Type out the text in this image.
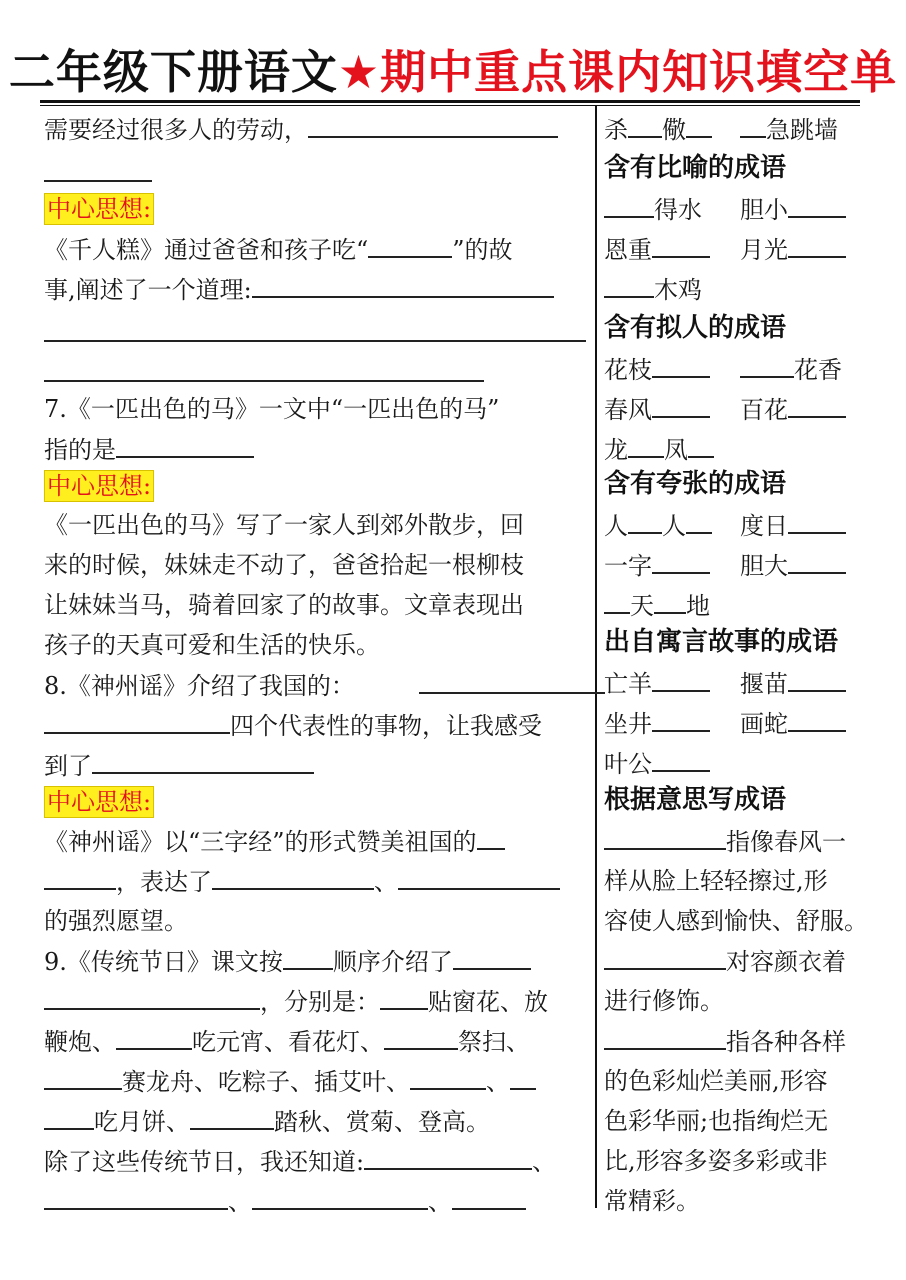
二年级下册语文★期中重点课内知识填空单
需要经过很多人的劳动，
中心思想:
《千人糕》通过爸爸和孩子吃“	”的故
事,阐述了一个道理:
7.《一匹出色的马》一文中“一匹出色的马”
指的是
中心思想:
《一匹出色的马》写了一家人到郊外散步，回
来的时候，妹妹走不动了，爸爸拾起一根柳枝
让妹妹当马，骑着回家了的故事。文章表现出
孩子的天真可爱和生活的快乐。
8.《神州谣》介绍了我国的：
四个代表性的事物，让我感受
到了
中心思想:
《神州谣》以“三字经”的形式赞美祖国的
，表达了	、
的强烈愿望。
9.《传统节日》课文按 顺序介绍了
，分别是： 贴窗花、放
鞭炮、	吃元宵、看花灯、	祭扫、
赛龙舟、吃粽子、插艾叶、	、
吃月饼、	踏秋、赏菊、登高。
除了这些传统节日，我还知道:	、
、	、
杀 儆	急跳墙
含有比喻的成语
得水 胆小
恩重	月光
木鸡
含有拟人的成语
花枝	花香
春风	百花
龙 凤
含有夸张的成语
人 人	度日
一字	胆大
天 地
出自寓言故事的成语
亡羊	揠苗
坐井	画蛇
叶公
根据意思写成语
指像春风一
样从脸上轻轻擦过,形
容使人感到愉快、舒服。
对容颜衣着
进行修饰。
指各种各样
的色彩灿烂美丽,形容
色彩华丽;也指绚烂无
比,形容多姿多彩或非
常精彩。
